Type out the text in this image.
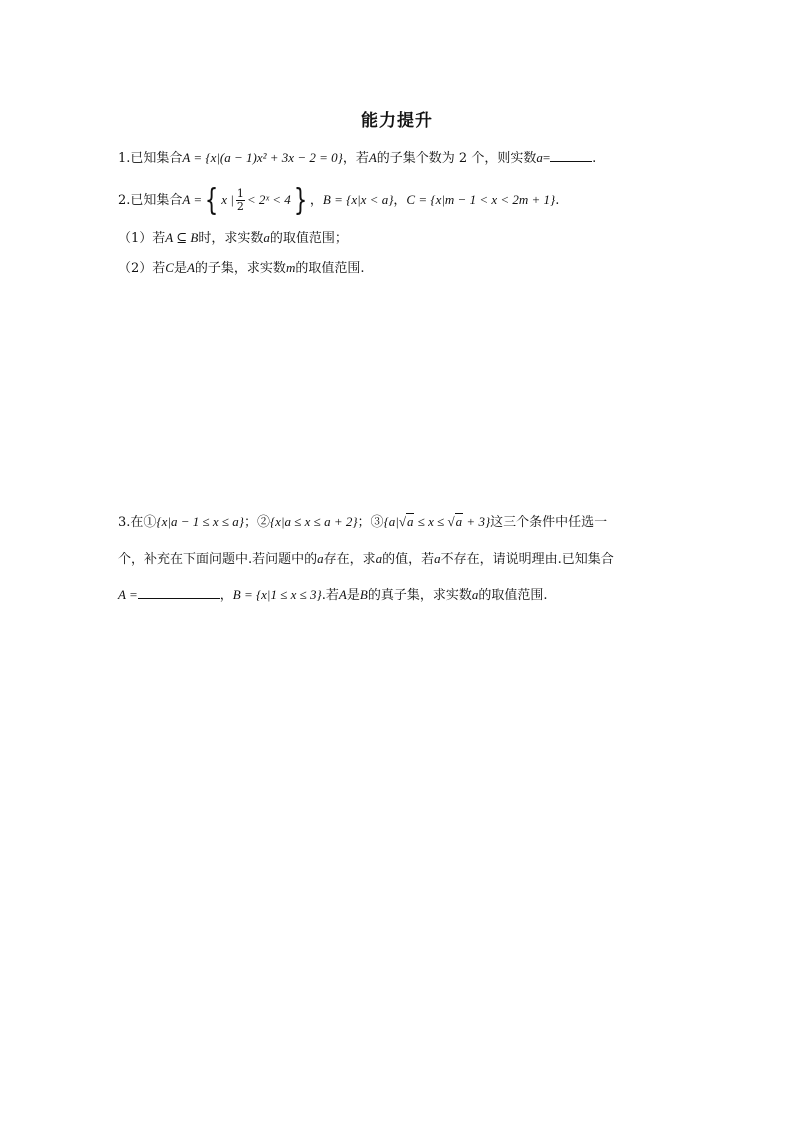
能力提升
1.已知集合A = {x|(a − 1)x² + 3x − 2 = 0}，若A的子集个数为 2 个，则实数a=	.
2.已知集合A ={ x | $\frac{1}{2}$ < 2ˣ < 4} ，B = {x|x < a}，C = {x|m − 1 < x < 2m + 1}.
（1）若A ⊆ B时，求实数a的取值范围；
（2）若C是A的子集，求实数m的取值范围.
3.在①{x|a − 1 ≤ x ≤ a}；②{x|a ≤ x ≤ a + 2}；③{a|√a ≤ x ≤ √a + 3}这三个条件中任选一
个，补充在下面问题中.若问题中的a存在，求a的值，若a不存在，请说明理由.已知集合
A =	，B = {x|1 ≤ x ≤ 3}.若A是B的真子集，求实数a的取值范围.
